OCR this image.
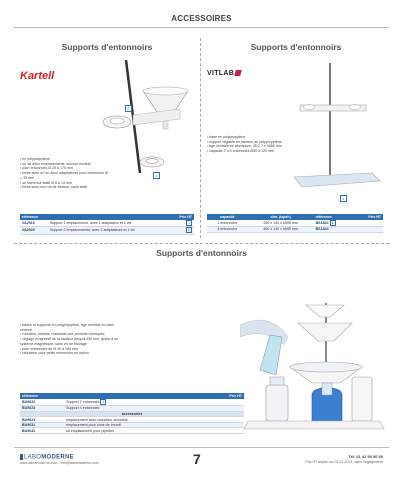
ACCESSOIRES
Supports d'entonnoirs
Kartell
2
1
• en polypropylène
• un ou deux emplacements, suivant modèle
• pour entonnoirs Ø 25 à 170 mm
• livrés avec un ou deux adaptateurs pour entonnoirs Ø < 35 mm
• se fixent sur statif Ø 8 à 14 mm
• livrés avec une vis de fixation, sans statif
référence		Prix HT
VA2910	Support 1 emplacement, avec 1 adaptateur et 1 vis	1
VA2920	Support 2 emplacements, avec 2 adaptateurs et 1 vis	2
Supports d'entonnoirs
VITLAB
1
• base en polypropylène
• support réglable en hauteur en polypropylène
• tige centrale en aluminium, Ø12,7 x h585 mm
• capacité 2 à 4 entonnoirs Ø50 à 120 mm
capacité	dim. (lxpxh)	référence	Prix HT
2 entonnoirs	250 x 140 x h595 mm	BS1822 1	
4 entonnoirs	450 x 140 x h595 mm	BS1824	
Supports d'entonnoirs
• bases et supports en polypropylène, tige centrale en acier chromé
• robustes, stables, résistants aux produits chimiques
• réglage progressif de la hauteur jusqu'à 450 mm, grâce à un système magnétique, sans vis de blocage
• pour entonnoirs de Ø 40 à 180 mm
• réducteur pour petits entonnoirs en option
référence		Prix HT
BU9622	Support 2 entonnoirs 1	
BU9624	Support 4 entonnoirs	
accessoires		
BU9621	emplacement avec réducteur amovible	
BU9631	emplacement pour cône de Imhoff	
BU9641	kit emplacement pour pipettes	
LABOMODERNE
www.labomoderne.com - info@labomoderne.com	7	Tél. 01 42 50 50 50
Prix HT départ au 01.01.2024, sans engagement
